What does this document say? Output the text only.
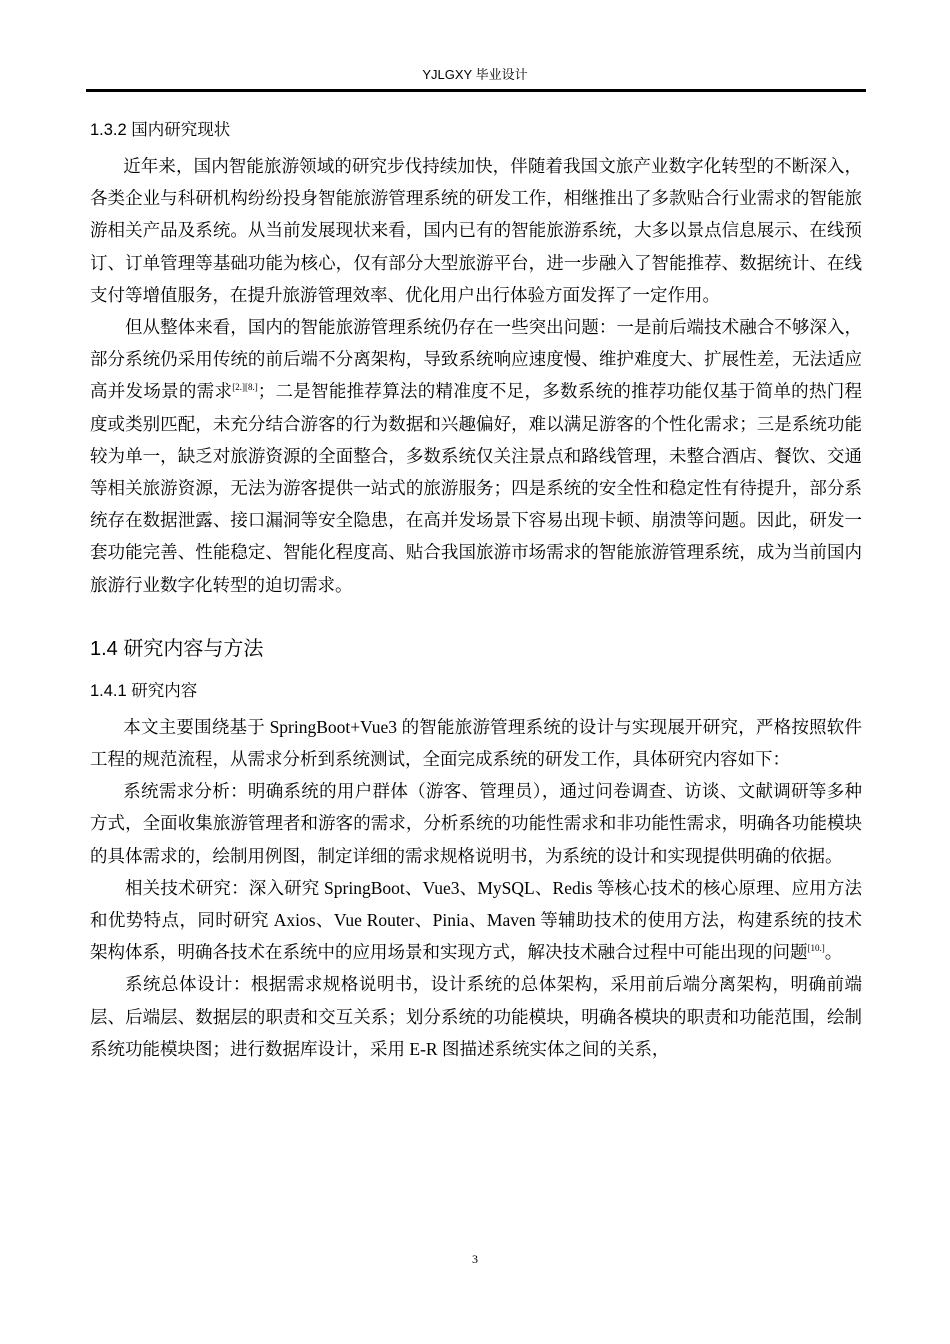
YJLGXY 毕业设计
1.3.2 国内研究现状

近年来，国内智能旅游领域的研究步伐持续加快，伴随着我国文旅产业数字化转型的不断深入，各类企业与科研机构纷纷投身智能旅游管理系统的研发工作，相继推出了多款贴合行业需求的智能旅游相关产品及系统。从当前发展现状来看，国内已有的智能旅游系统，大多以景点信息展示、在线预订、订单管理等基础功能为核心，仅有部分大型旅游平台，进一步融入了智能推荐、数据统计、在线支付等增值服务，在提升旅游管理效率、优化用户出行体验方面发挥了一定作用。

但从整体来看，国内的智能旅游管理系统仍存在一些突出问题：一是前后端技术融合不够深入，部分系统仍采用传统的前后端不分离架构，导致系统响应速度慢、维护难度大、扩展性差，无法适应高并发场景的需求[2.][8.]；二是智能推荐算法的精准度不足，多数系统的推荐功能仅基于简单的热门程度或类别匹配，未充分结合游客的行为数据和兴趣偏好，难以满足游客的个性化需求；三是系统功能较为单一，缺乏对旅游资源的全面整合，多数系统仅关注景点和路线管理，未整合酒店、餐饮、交通等相关旅游资源，无法为游客提供一站式的旅游服务；四是系统的安全性和稳定性有待提升，部分系统存在数据泄露、接口漏洞等安全隐患，在高并发场景下容易出现卡顿、崩溃等问题。因此，研发一套功能完善、性能稳定、智能化程度高、贴合我国旅游市场需求的智能旅游管理系统，成为当前国内旅游行业数字化转型的迫切需求。

1.4 研究内容与方法
1.4.1 研究内容

本文主要围绕基于 SpringBoot+Vue3 的智能旅游管理系统的设计与实现展开研究，严格按照软件工程的规范流程，从需求分析到系统测试，全面完成系统的研发工作，具体研究内容如下：

系统需求分析：明确系统的用户群体（游客、管理员），通过问卷调查、访谈、文献调研等多种方式，全面收集旅游管理者和游客的需求，分析系统的功能性需求和非功能性需求，明确各功能模块的具体需求的，绘制用例图，制定详细的需求规格说明书，为系统的设计和实现提供明确的依据。

相关技术研究：深入研究 SpringBoot、Vue3、MySQL、Redis 等核心技术的核心原理、应用方法和优势特点，同时研究 Axios、Vue Router、Pinia、Maven 等辅助技术的使用方法，构建系统的技术架构体系，明确各技术在系统中的应用场景和实现方式，解决技术融合过程中可能出现的问题[10.]。

系统总体设计：根据需求规格说明书，设计系统的总体架构，采用前后端分离架构，明确前端层、后端层、数据层的职责和交互关系；划分系统的功能模块，明确各模块的职责和功能范围，绘制系统功能模块图；进行数据库设计，采用 E-R 图描述系统实体之间的关系，

3
